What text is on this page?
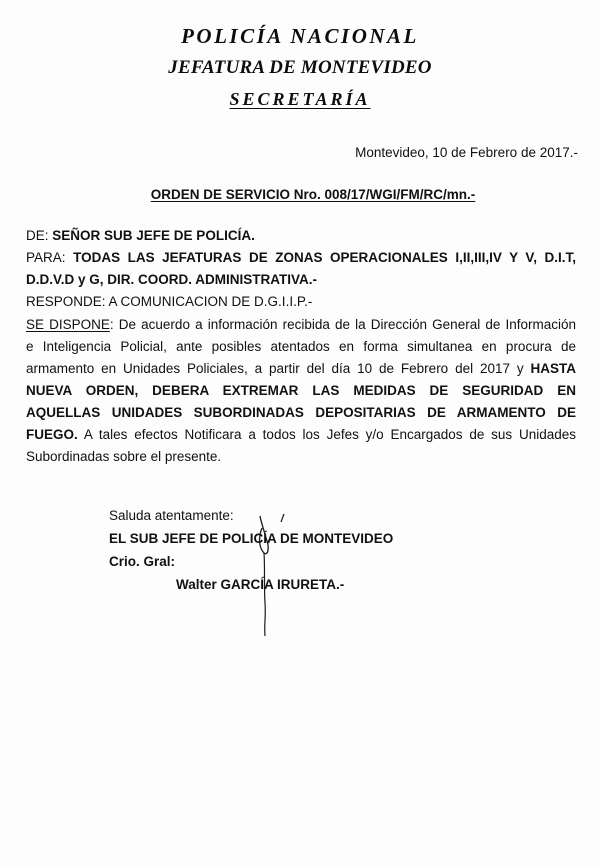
POLICÍA NACIONAL
JEFATURA DE MONTEVIDEO
SECRETARÍA
Montevideo, 10 de Febrero de 2017.-
ORDEN DE SERVICIO Nro. 008/17/WGI/FM/RC/mn.-
DE: SEÑOR SUB JEFE DE POLICÍA.
PARA: TODAS LAS JEFATURAS DE ZONAS OPERACIONALES I,II,III,IV Y V, D.I.T,
D.D.V.D y G, DIR. COORD. ADMINISTRATIVA.-
RESPONDE: A COMUNICACION DE D.G.I.I.P.-
SE DISPONE: De acuerdo a información recibida de la Dirección General de Información
e Inteligencia Policial, ante posibles atentados en forma simultanea en procura de
armamento en Unidades Policiales, a partir del día 10 de Febrero del 2017 y HASTA
NUEVA ORDEN, DEBERA EXTREMAR LAS MEDIDAS DE SEGURIDAD EN
AQUELLAS UNIDADES SUBORDINADAS DEPOSITARIAS DE ARMAMENTO DE
FUEGO. A tales efectos Notificara a todos los Jefes y/o Encargados de sus Unidades
Subordinadas sobre el presente.
Saluda atentamente:
EL SUB JEFE DE POLICÍA DE MONTEVIDEO
Crio. Gral:
Walter GARCÍA IRURETA.-
